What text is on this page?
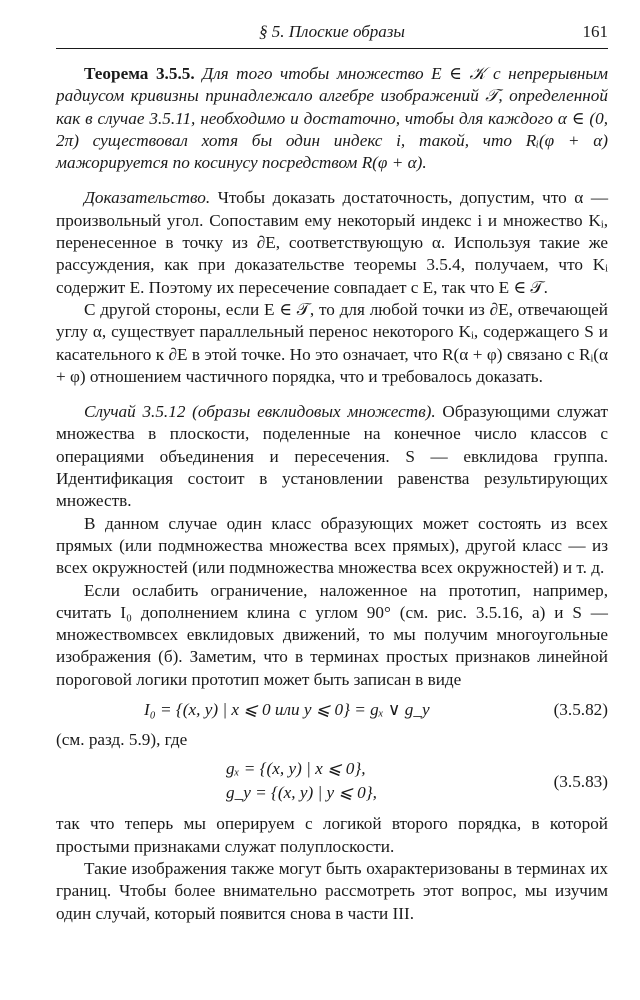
§ 5. Плоские образы	161

Теорема 3.5.5. Для того чтобы множество E ∈ 𝒦 с непрерывным радиусом кривизны принадлежало алгебре изображений 𝒯, определенной как в случае 3.5.11, необходимо и достаточно, чтобы для каждого α ∈ (0, 2π) существовал хотя бы один индекс i, такой, что Rᵢ(φ + α) мажорируется по косинусу посредством R(φ + α).

Доказательство. Чтобы доказать достаточность, допустим, что α — произвольный угол. Сопоставим ему некоторый индекс i и множество Kᵢ, перенесенное в точку из ∂E, соответствующую α. Используя такие же рассуждения, как при доказательстве теоремы 3.5.4, получаем, что Kᵢ содержит E. Поэтому их пересечение совпадает с E, так что E ∈ 𝒯.

С другой стороны, если E ∈ 𝒯, то для любой точки из ∂E, отвечающей углу α, существует параллельный перенос некоторого Kᵢ, содержащего S и касательного к ∂E в этой точке. Но это означает, что R(α + φ) связано с Rᵢ(α + φ) отношением частичного порядка, что и требовалось доказать.

Случай 3.5.12 (образы евклидовых множеств). Образующими служат множества в плоскости, поделенные на конечное число классов с операциями объединения и пересечения. S — евклидова группа. Идентификация состоит в установлении равенства результирующих множеств.

В данном случае один класс образующих может состоять из всех прямых (или подмножества множества всех прямых), другой класс — из всех окружностей (или подмножества множества всех окружностей) и т. д.

Если ослабить ограничение, наложенное на прототип, например, считать I₀ дополнением клина с углом 90° (см. рис. 3.5.16, а) и S — множествомвсех евклидовых движений, то мы получим многоугольные изображения (б). Заметим, что в терминах простых признаков линейной пороговой логики прототип может быть записан в виде

I₀ = {(x, y) | x ⩽ 0 или y ⩽ 0} = gₓ ∨ g_y	(3.5.82)

(см. разд. 5.9), где

gₓ = {(x, y) | x ⩽ 0},
g_y = {(x, y) | y ⩽ 0},
(3.5.83)

так что теперь мы оперируем с логикой второго порядка, в которой простыми признаками служат полуплоскости.

Такие изображения также могут быть охарактеризованы в терминах их границ. Чтобы более внимательно рассмотреть этот вопрос, мы изучим один случай, который появится снова в части III.
